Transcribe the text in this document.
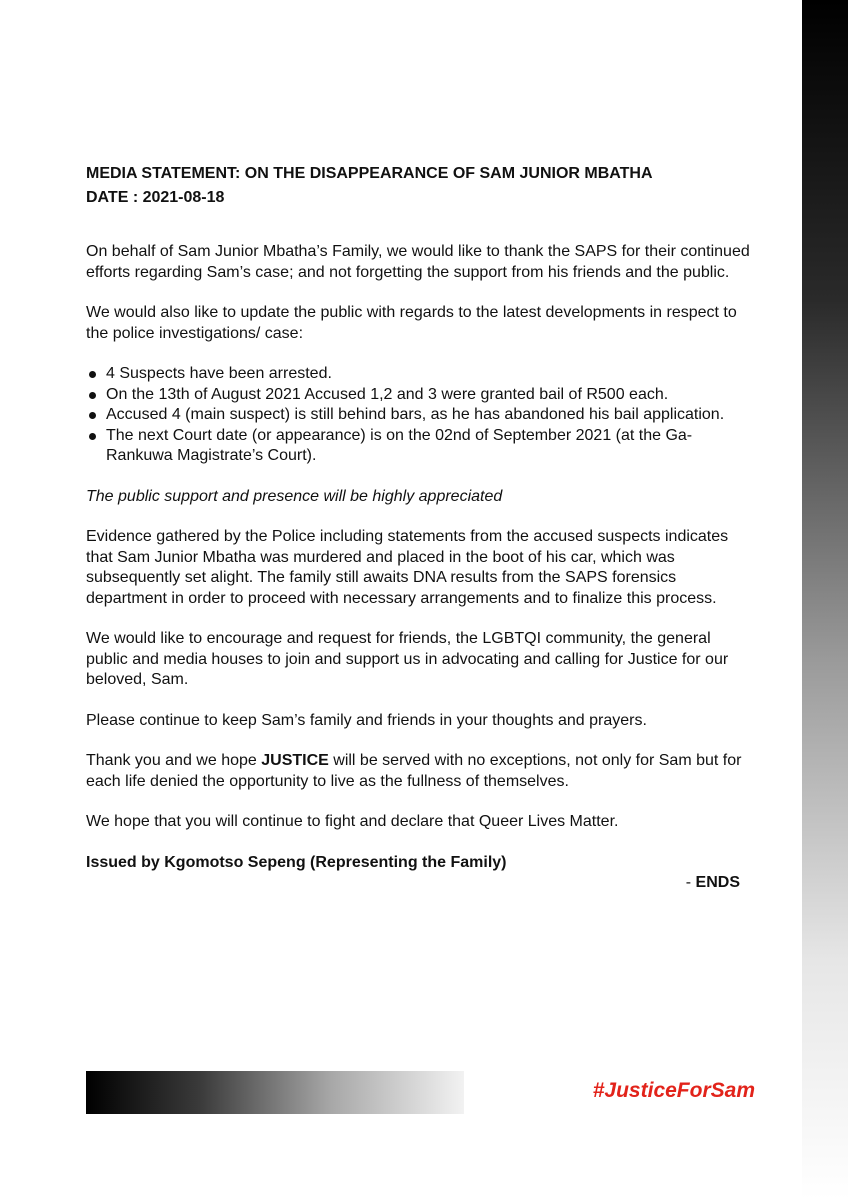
MEDIA STATEMENT: ON THE DISAPPEARANCE OF SAM JUNIOR MBATHA

DATE : 2021-08-18

On behalf of Sam Junior Mbatha’s Family, we would like to thank the SAPS for their continued efforts regarding Sam’s case; and not forgetting the support from his friends and the public.

We would also like to update the public with regards to the latest developments in respect to the police investigations/ case:

4 Suspects have been arrested.
On the 13th of August 2021 Accused 1,2 and 3 were granted bail of R500 each.
Accused 4 (main suspect) is still behind bars, as he has abandoned his bail application.
The next Court date (or appearance) is on the 02nd of September 2021 (at the Ga-Rankuwa Magistrate’s Court).

The public support and presence will be highly appreciated

Evidence gathered by the Police including statements from the accused suspects indicates that Sam Junior Mbatha was murdered and placed in the boot of his car, which was subsequently set alight. The family still awaits DNA results from the SAPS forensics department in order to proceed with necessary arrangements and to finalize this process.

We would like to encourage and request for friends, the LGBTQI community, the general public and media houses to join and support us in advocating and calling for Justice for our beloved, Sam.

Please continue to keep Sam’s family and friends in your thoughts and prayers.

Thank you and we hope JUSTICE will be served with no exceptions, not only for Sam but for each life denied the opportunity to live as the fullness of themselves.

We hope that you will continue to fight and declare that Queer Lives Matter.

Issued by Kgomotso Sepeng (Representing the Family)

- ENDS

#JusticeForSam
